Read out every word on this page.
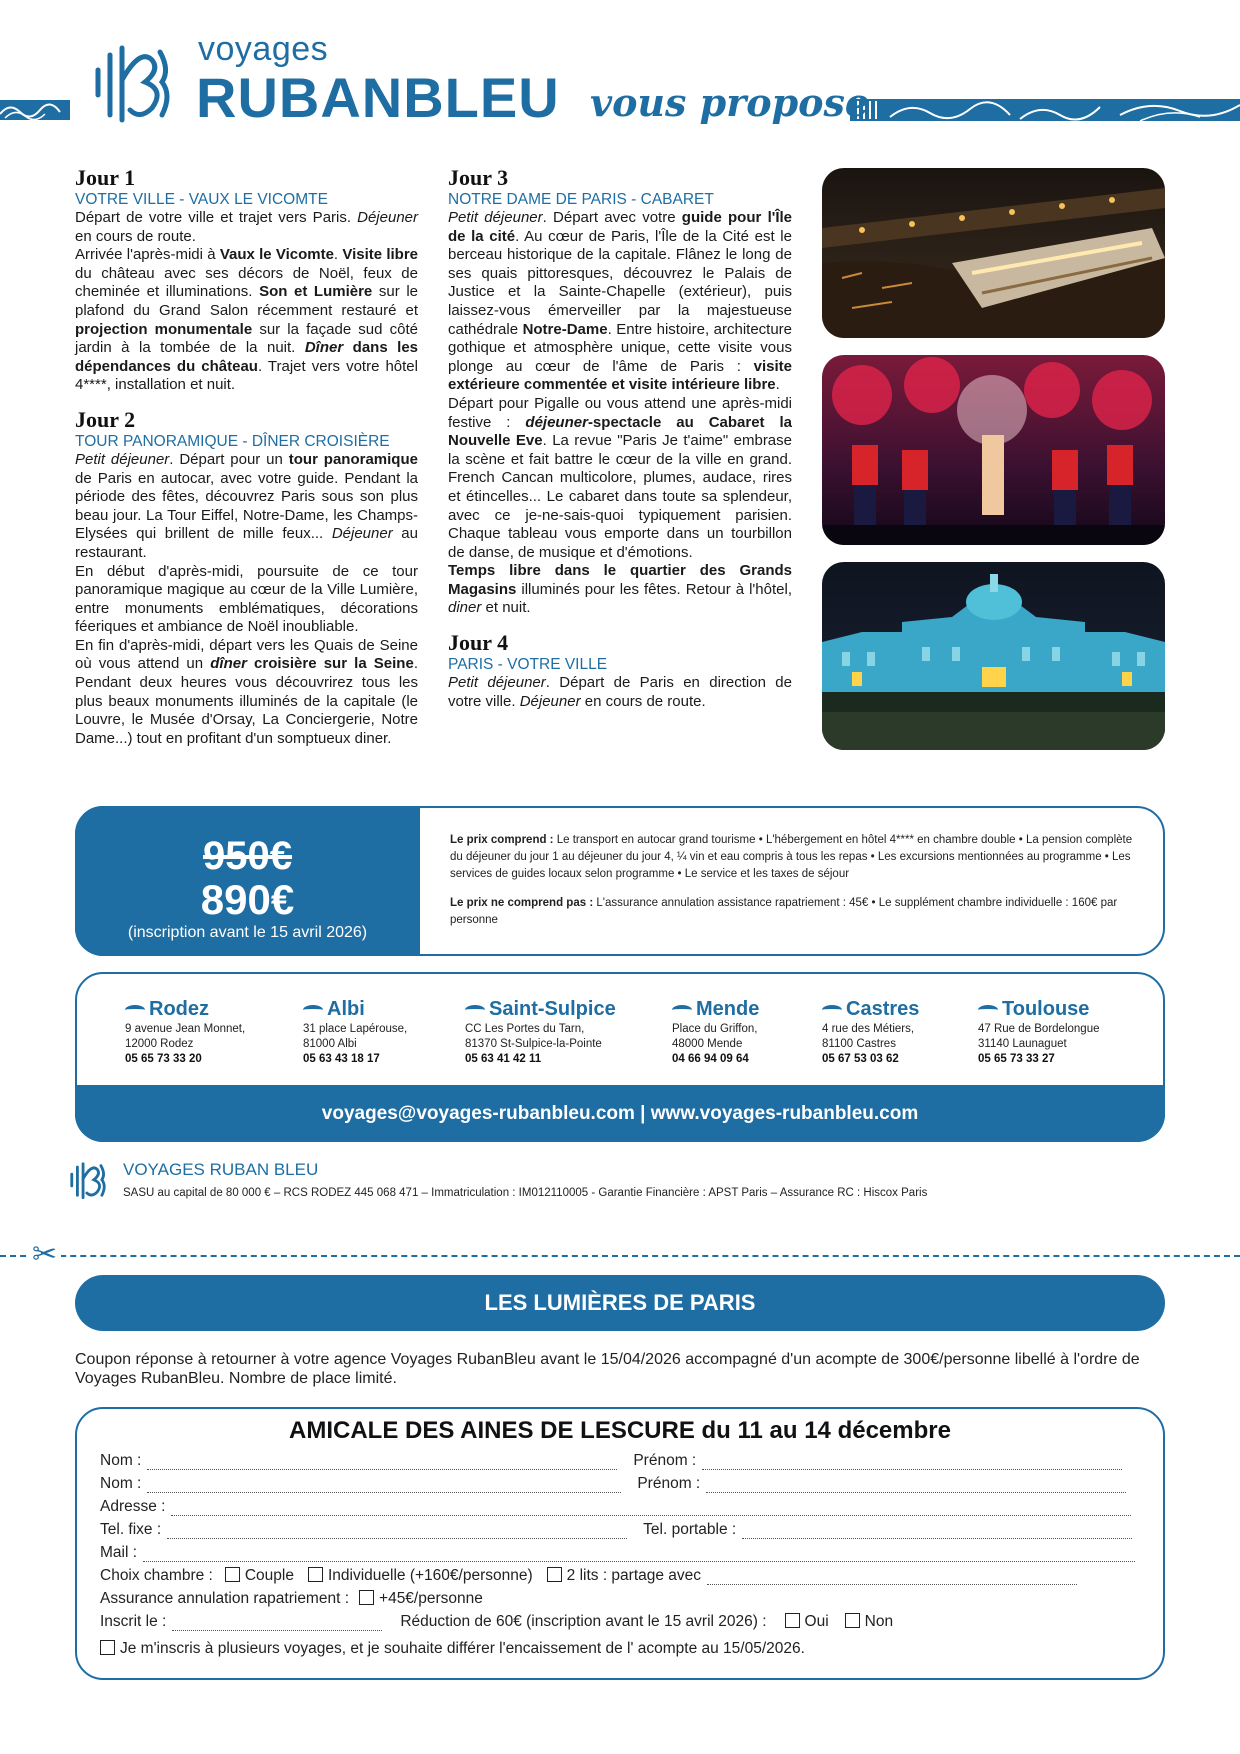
voyages
RUBANBLEU vous propose
Jour 1
VOTRE VILLE - VAUX LE VICOMTE

Départ de votre ville et trajet vers Paris. Déjeuner en cours de route.

Arrivée l'après-midi à Vaux le Vicomte. Visite libre du château avec ses décors de Noël, feux de cheminée et illuminations. Son et Lumière sur le plafond du Grand Salon récemment restauré et projection monumentale sur la façade sud côté jardin à la tombée de la nuit. Dîner dans les dépendances du château. Trajet vers votre hôtel 4****, installation et nuit.

Jour 2
TOUR PANORAMIQUE - DÎNER CROISIÈRE

Petit déjeuner. Départ pour un tour panoramique de Paris en autocar, avec votre guide. Pendant la période des fêtes, découvrez Paris sous son plus beau jour. La Tour Eiffel, Notre-Dame, les Champs-Elysées qui brillent de mille feux... Déjeuner au restaurant.

En début d'après-midi, poursuite de ce tour panoramique magique au cœur de la Ville Lumière, entre monuments emblématiques, décorations féeriques et ambiance de Noël inoubliable.

En fin d'après-midi, départ vers les Quais de Seine où vous attend un dîner croisière sur la Seine. Pendant deux heures vous découvrirez tous les plus beaux monuments illuminés de la capitale (le Louvre, le Musée d'Orsay, La Conciergerie, Notre Dame...) tout en profitant d'un somptueux diner.

Jour 3
NOTRE DAME DE PARIS - CABARET

Petit déjeuner. Départ avec votre guide pour l'Île de la cité. Au cœur de Paris, l'Île de la Cité est le berceau historique de la capitale. Flânez le long de ses quais pittoresques, découvrez le Palais de Justice et la Sainte-Chapelle (extérieur), puis laissez-vous émerveiller par la majestueuse cathédrale Notre-Dame. Entre histoire, architecture gothique et atmosphère unique, cette visite vous plonge au cœur de l'âme de Paris : visite extérieure commentée et visite intérieure libre.

Départ pour Pigalle ou vous attend une après-midi festive : déjeuner-spectacle au Cabaret la Nouvelle Eve. La revue "Paris Je t'aime" embrase la scène et fait battre le cœur de la ville en grand. French Cancan multicolore, plumes, audace, rires et étincelles... Le cabaret dans toute sa splendeur, avec ce je-ne-sais-quoi typiquement parisien. Chaque tableau vous emporte dans un tourbillon de danse, de musique et d'émotions.

Temps libre dans le quartier des Grands Magasins illuminés pour les fêtes. Retour à l'hôtel, diner et nuit.

Jour 4
PARIS - VOTRE VILLE

Petit déjeuner. Départ de Paris en direction de votre ville. Déjeuner en cours de route.

950€
890€
(inscription avant le 15 avril 2026)
Le prix comprend : Le transport en autocar grand tourisme • L'hébergement en hôtel 4**** en chambre double • La pension complète du déjeuner du jour 1 au déjeuner du jour 4, ¼ vin et eau compris à tous les repas • Les excursions mentionnées au programme • Les services de guides locaux selon programme • Le service et les taxes de séjour
Le prix ne comprend pas : L'assurance annulation assistance rapatriement : 45€ • Le supplément chambre individuelle : 160€ par personne
Rodez
9 avenue Jean Monnet,
12000 Rodez
05 65 73 33 20
Albi
31 place Lapérouse,
81000 Albi
05 63 43 18 17
Saint-Sulpice
CC Les Portes du Tarn,
81370 St-Sulpice-la-Pointe
05 63 41 42 11
Mende
Place du Griffon,
48000 Mende
04 66 94 09 64
Castres
4 rue des Métiers,
81100 Castres
05 67 53 03 62
Toulouse
47 Rue de Bordelongue
31140 Launaguet
05 65 73 33 27
voyages@voyages-rubanbleu.com | www.voyages-rubanbleu.com
VOYAGES RUBAN BLEU
SASU au capital de 80 000 € – RCS RODEZ 445 068 471 – Immatriculation : IM012110005 - Garantie Financière : APST Paris – Assurance RC : Hiscox Paris
✂
LES LUMIÈRES DE PARIS
Coupon réponse à retourner à votre agence Voyages RubanBleu avant le 15/04/2026 accompagné d'un acompte de 300€/personne libellé à l'ordre de Voyages RubanBleu. Nombre de place limité.
AMICALE DES AINES DE LESCURE du 11 au 14 décembre
Nom :	Prénom :
Nom :	Prénom :
Adresse :
Tel. fixe :	Tel. portable :
Mail :
Choix chambre :	Couple	Individuelle (+160€/personne)	2 lits : partage avec
Assurance annulation rapatriement :	+45€/personne
Inscrit le :	Réduction de 60€ (inscription avant le 15 avril 2026) :	Oui	Non
Je m'inscris à plusieurs voyages, et je souhaite différer l'encaissement de l' acompte au 15/05/2026.
